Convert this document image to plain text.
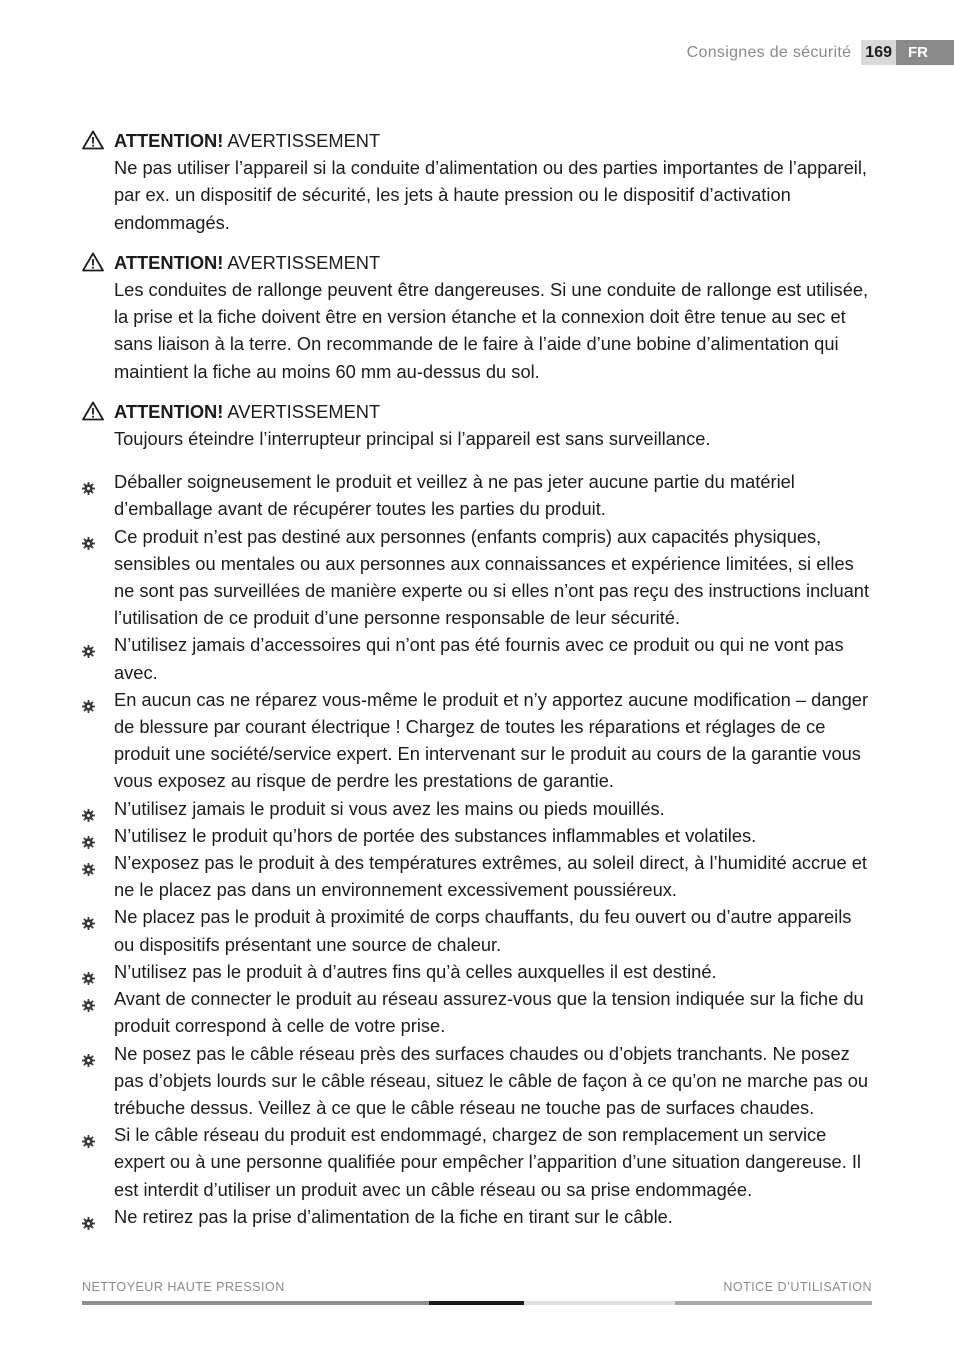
Consignes de sécurité 169	FR
ATTENTION! AVERTISSEMENT
Ne pas utiliser l’appareil si la conduite d’alimentation ou des parties importantes de l’appareil, par ex. un dispositif de sécurité, les jets à haute pression ou le dispositif d’activation endommagés.
ATTENTION! AVERTISSEMENT
Les conduites de rallonge peuvent être dangereuses. Si une conduite de rallonge est utilisée, la prise et la fiche doivent être en version étanche et la connexion doit être tenue au sec et sans liaison à la terre. On recommande de le faire à l’aide d’une bobine d’alimentation qui maintient la fiche au moins 60 mm au-dessus du sol.
ATTENTION! AVERTISSEMENT
Toujours éteindre l’interrupteur principal si l’appareil est sans surveillance.
Déballer soigneusement le produit et veillez à ne pas jeter aucune partie du matériel d’emballage avant de récupérer toutes les parties du produit.
Ce produit n’est pas destiné aux personnes (enfants compris) aux capacités physiques, sensibles ou mentales ou aux personnes aux connaissances et expérience limitées, si elles ne sont pas surveillées de manière experte ou si elles n’ont pas reçu des instructions incluant l’utilisation de ce produit d’une personne responsable de leur sécurité.
N’utilisez jamais d’accessoires qui n’ont pas été fournis avec ce produit ou qui ne vont pas avec.
En aucun cas ne réparez vous-même le produit et n’y apportez aucune modification – danger de blessure par courant électrique ! Chargez de toutes les réparations et réglages de ce produit une société/service expert. En intervenant sur le produit au cours de la garantie vous vous exposez au risque de perdre les prestations de garantie.
N’utilisez jamais le produit si vous avez les mains ou pieds mouillés.
N’utilisez le produit qu’hors de portée des substances inflammables et volatiles.
N’exposez pas le produit à des températures extrêmes, au soleil direct, à l’humidité accrue et ne le placez pas dans un environnement excessivement poussiéreux.
Ne placez pas le produit à proximité de corps chauffants, du feu ouvert ou d’autre appareils ou dispositifs présentant une source de chaleur.
N’utilisez pas le produit à d’autres fins qu’à celles auxquelles il est destiné.
Avant de connecter le produit au réseau assurez-vous que la tension indiquée sur la fiche du produit correspond à celle de votre prise.
Ne posez pas le câble réseau près des surfaces chaudes ou d’objets tranchants. Ne posez pas d’objets lourds sur le câble réseau, situez le câble de façon à ce qu’on ne marche pas ou trébuche dessus. Veillez à ce que le câble réseau ne touche pas de surfaces chaudes.
Si le câble réseau du produit est endommagé, chargez de son remplacement un service expert ou à une personne qualifiée pour empêcher l’apparition d’une situation dangereuse. Il est interdit d’utiliser un produit avec un câble réseau ou sa prise endommagée.
Ne retirez pas la prise d’alimentation de la fiche en tirant sur le câble.
NETTOYEUR HAUTE PRESSION	NOTICE D’UTILISATION
